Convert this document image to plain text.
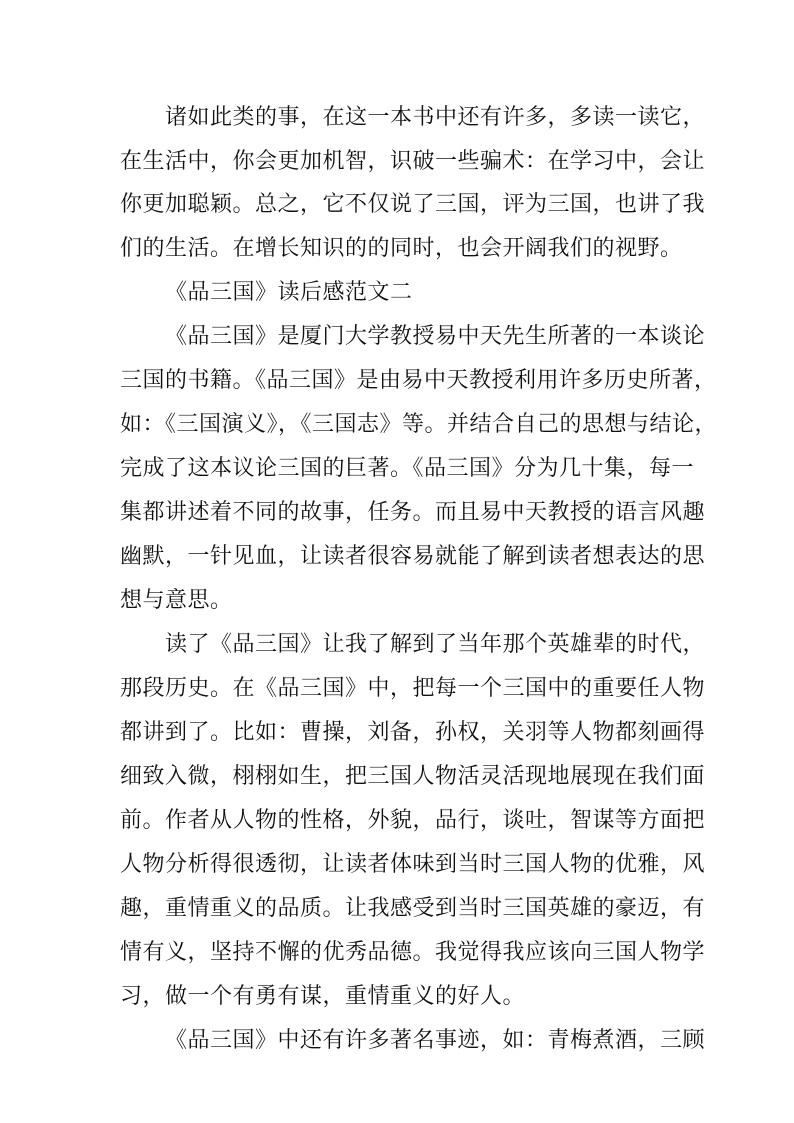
诸如此类的事，在这一本书中还有许多，多读一读它，
在生活中，你会更加机智，识破一些骗术：在学习中，会让
你更加聪颖。总之，它不仅说了三国，评为三国，也讲了我
们的生活。在增长知识的的同时，也会开阔我们的视野。
《品三国》读后感范文二
《品三国》是厦门大学教授易中天先生所著的一本谈论
三国的书籍。《品三国》是由易中天教授利用许多历史所著，
如：《三国演义》，《三国志》等。并结合自己的思想与结论，
完成了这本议论三国的巨著。《品三国》分为几十集，每一
集都讲述着不同的故事，任务。而且易中天教授的语言风趣
幽默，一针见血，让读者很容易就能了解到读者想表达的思
想与意思。
读了《品三国》让我了解到了当年那个英雄辈的时代，
那段历史。在《品三国》中，把每一个三国中的重要任人物
都讲到了。比如：曹操，刘备，孙权，关羽等人物都刻画得
细致入微，栩栩如生，把三国人物活灵活现地展现在我们面
前。作者从人物的性格，外貌，品行，谈吐，智谋等方面把
人物分析得很透彻，让读者体味到当时三国人物的优雅，风
趣，重情重义的品质。让我感受到当时三国英雄的豪迈，有
情有义，坚持不懈的优秀品德。我觉得我应该向三国人物学
习，做一个有勇有谋，重情重义的好人。
《品三国》中还有许多著名事迹，如：青梅煮酒，三顾
